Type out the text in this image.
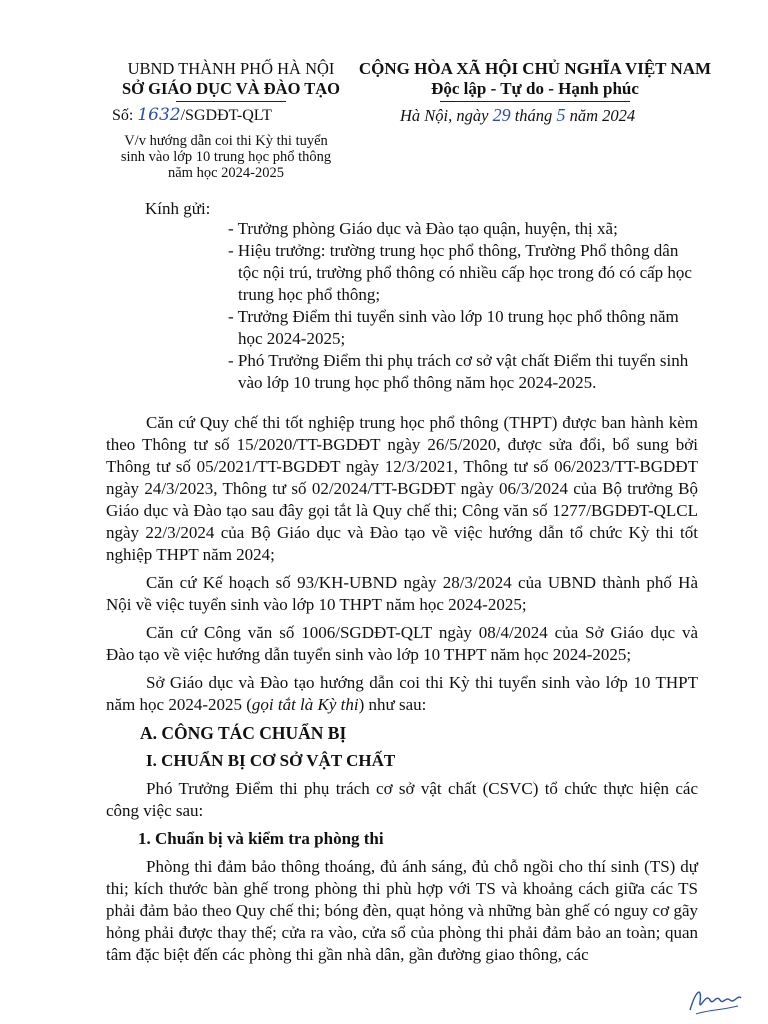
UBND THÀNH PHỐ HÀ NỘI
SỞ GIÁO DỤC VÀ ĐÀO TẠO
CỘNG HÒA XÃ HỘI CHỦ NGHĨA VIỆT NAM
Độc lập - Tự do - Hạnh phúc
Số: 1632/SGDĐT-QLT	Hà Nội, ngày 29 tháng 5 năm 2024
V/v hướng dẫn coi thi Kỳ thi tuyển
sinh vào lớp 10 trung học phổ thông
năm học 2024-2025
Kính gửi:
- Trưởng phòng Giáo dục và Đào tạo quận, huyện, thị xã;
- Hiệu trưởng: trường trung học phổ thông, Trường Phổ thông dân tộc nội trú, trường phổ thông có nhiều cấp học trong đó có cấp học trung học phổ thông;
- Trưởng Điểm thi tuyển sinh vào lớp 10 trung học phổ thông năm học 2024-2025;
- Phó Trưởng Điểm thi phụ trách cơ sở vật chất Điểm thi tuyển sinh vào lớp 10 trung học phổ thông năm học 2024-2025.

Căn cứ Quy chế thi tốt nghiệp trung học phổ thông (THPT) được ban hành kèm theo Thông tư số 15/2020/TT-BGDĐT ngày 26/5/2020, được sửa đổi, bổ sung bởi Thông tư số 05/2021/TT-BGDĐT ngày 12/3/2021, Thông tư số 06/2023/TT-BGDĐT ngày 24/3/2023, Thông tư số 02/2024/TT-BGDĐT ngày 06/3/2024 của Bộ trưởng Bộ Giáo dục và Đào tạo sau đây gọi tắt là Quy chế thi; Công văn số 1277/BGDĐT-QLCL ngày 22/3/2024 của Bộ Giáo dục và Đào tạo về việc hướng dẫn tổ chức Kỳ thi tốt nghiệp THPT năm 2024;

Căn cứ Kế hoạch số 93/KH-UBND ngày 28/3/2024 của UBND thành phố Hà Nội về việc tuyển sinh vào lớp 10 THPT năm học 2024-2025;

Căn cứ Công văn số 1006/SGDĐT-QLT ngày 08/4/2024 của Sở Giáo dục và Đào tạo về việc hướng dẫn tuyển sinh vào lớp 10 THPT năm học 2024-2025;

Sở Giáo dục và Đào tạo hướng dẫn coi thi Kỳ thi tuyển sinh vào lớp 10 THPT năm học 2024-2025 (gọi tắt là Kỳ thi) như sau:

A. CÔNG TÁC CHUẨN BỊ
I. CHUẨN BỊ CƠ SỞ VẬT CHẤT

Phó Trưởng Điểm thi phụ trách cơ sở vật chất (CSVC) tổ chức thực hiện các công việc sau:

1. Chuẩn bị và kiểm tra phòng thi

Phòng thi đảm bảo thông thoáng, đủ ánh sáng, đủ chỗ ngồi cho thí sinh (TS) dự thi; kích thước bàn ghế trong phòng thi phù hợp với TS và khoảng cách giữa các TS phải đảm bảo theo Quy chế thi; bóng đèn, quạt hỏng và những bàn ghế có nguy cơ gãy hỏng phải được thay thế; cửa ra vào, cửa sổ của phòng thi phải đảm bảo an toàn; quan tâm đặc biệt đến các phòng thi gần nhà dân, gần đường giao thông, các
